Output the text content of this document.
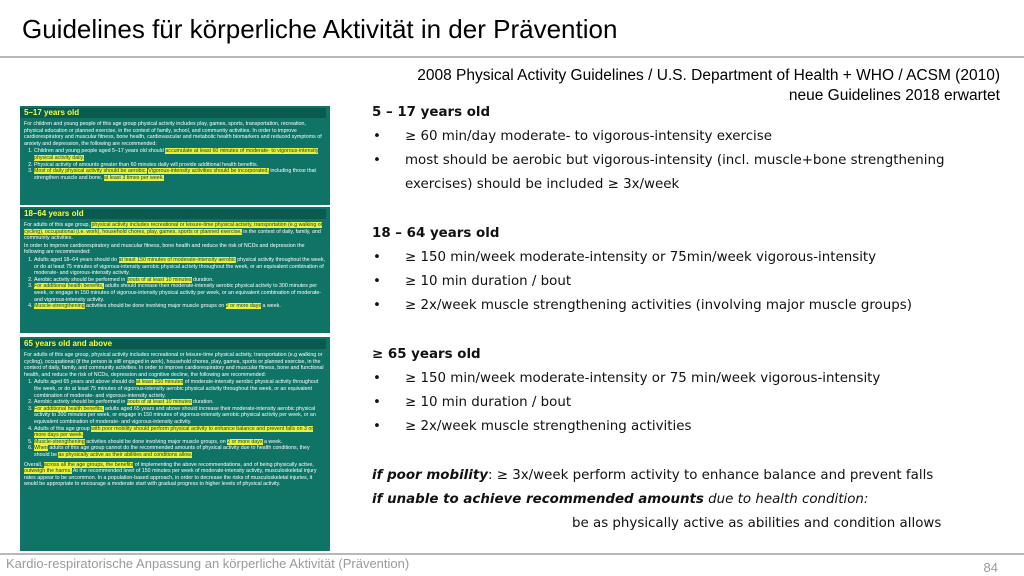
Guidelines für körperliche Aktivität in der Prävention
2008 Physical Activity Guidelines / U.S. Department of Health + WHO / ACSM (2010)
neue Guidelines 2018 erwartet
5–17 years old
For children and young people of this age group physical activity includes play, games, sports, transportation, recreation, physical education or planned exercise, in the context of family, school, and community activities. In order to improve cardiorespiratory and muscular fitness, bone health, cardiovascular and metabolic health biomarkers and reduced symptoms of anxiety and depression, the following are recommended:
1. Children and young people aged 5–17 years old should accumulate at least 60 minutes of moderate- to vigorous-intensity physical activity daily.
2. Physical activity of amounts greater than 60 minutes daily will provide additional health benefits.
3. Most of daily physical activity should be aerobic. Vigorous-intensity activities should be incorporated, including those that strengthen muscle and bone, at least 3 times per week.
18–64 years old
For adults of this age group, physical activity includes recreational or leisure-time physical activity, transportation (e.g walking or cycling), occupational (i.e. work), household chores, play, games, sports or planned exercise, in the context of daily, family, and community activities.
In order to improve cardiorespiratory and muscular fitness, bone health and reduce the risk of NCDs and depression the following are recommended:
1. Adults aged 18–64 years should do at least 150 minutes of moderate-intensity aerobic physical activity throughout the week, or do at least 75 minutes of vigorous-intensity aerobic physical activity throughout the week, or an equivalent combination of moderate- and vigorous-intensity activity.
2. Aerobic activity should be performed in bouts of at least 10 minutes duration.
3. For additional health benefits, adults should increase their moderate-intensity aerobic physical activity to 300 minutes per week, or engage in 150 minutes of vigorous-intensity physical activity per week, or an equivalent combination of moderate- and vigorous-intensity activity.
4. Muscle-strengthening activities should be done involving major muscle groups on 2 or more days a week.
65 years old and above
For adults of this age group, physical activity includes recreational or leisure-time physical activity, transportation (e.g walking or cycling), occupational (if the person is still engaged in work), household chores, play, games, sports or planned exercise, in the context of daily, family, and community activities. In order to improve cardiorespiratory and muscular fitness, bone and functional health, and reduce the risk of NCDs, depression and cognitive decline, the following are recommended:
1. Adults aged 65 years and above should do at least 150 minutes of moderate-intensity aerobic physical activity throughout the week, or do at least 75 minutes of vigorous-intensity aerobic physical activity throughout the week, or an equivalent combination of moderate- and vigorous-intensity activity.
2. Aerobic activity should be performed in bouts of at least 10 minutes duration.
3. For additional health benefits, adults aged 65 years and above should increase their moderate-intensity aerobic physical activity to 300 minutes per week, or engage in 150 minutes of vigorous-intensity aerobic physical activity per week, or an equivalent combination of moderate- and vigorous-intensity activity.
4. Adults of this age group with poor mobility should perform physical activity to enhance balance and prevent falls on 3 or more days per week.
5. Muscle-strengthening activities should be done involving major muscle groups, on 2 or more days a week.
6. When adults of this age group cannot do the recommended amounts of physical activity due to health conditions, they should be as physically active as their abilities and conditions allow.
Overall, across all the age groups, the benefits of implementing the above recommendations, and of being physically active, outweigh the harms. At the recommended level of 150 minutes per week of moderate-intensity activity, musculoskeletal injury rates appear to be uncommon. In a population-based approach, in order to decrease the risks of musculoskeletal injuries, it would be appropriate to encourage a moderate start with gradual progress to higher levels of physical activity.
5 – 17 years old
• ≥ 60 min/day moderate- to vigorous-intensity exercise
• most should be aerobic but vigorous-intensity (incl. muscle+bone strengthening exercises) should be included ≥ 3x/week
18 – 64 years old
• ≥ 150 min/week moderate-intensity or 75min/week vigorous-intensity
• ≥ 10 min duration / bout
• ≥ 2x/week muscle strengthening activities (involving major muscle groups)
≥ 65 years old
• ≥ 150 min/week moderate-intensity or 75 min/week vigorous-intensity
• ≥ 10 min duration / bout
• ≥ 2x/week muscle strengthening activities
if poor mobility: ≥ 3x/week perform activity to enhance balance and prevent falls
if unable to achieve recommended amounts due to health condition:
be as physically active as abilities and condition allows
Kardio-respiratorische Anpassung an körperliche Aktivität (Prävention)	84
